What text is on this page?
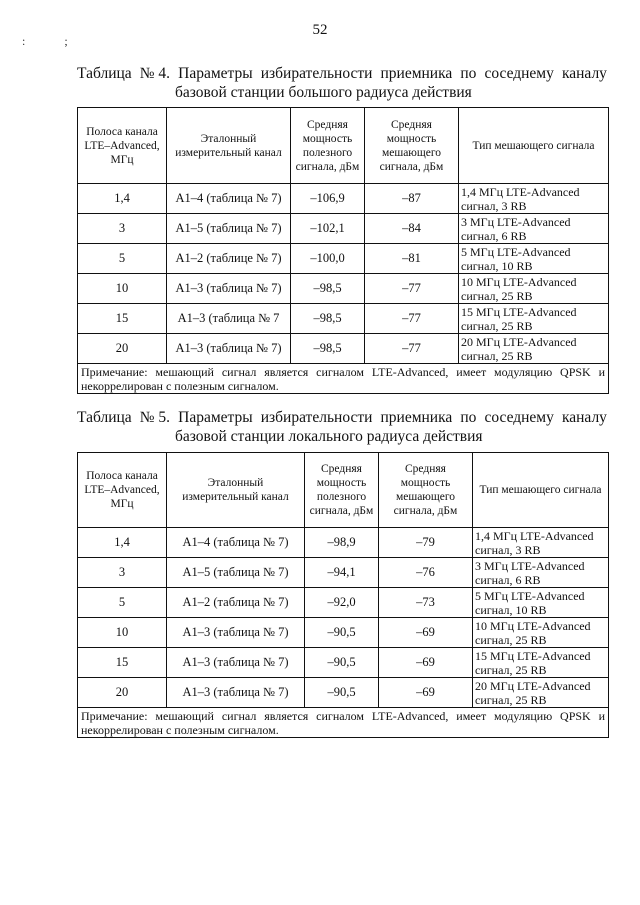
52
: ;
Таблица № 4. Параметры избирательности приемника по соседнему каналу
базовой станции большого радиуса действия
Полоса канала LTE–Advanced, МГц	Эталонный измерительный канал	Средняя мощность полезного сигнала, дБм	Средняя мощность мешающего сигнала, дБм	Тип мешающего сигнала
1,4	А1–4 (таблица № 7)	–106,9	–87	1,4 МГц LTE-Advanced сигнал, 3 RB
3	А1–5 (таблица № 7)	–102,1	–84	3 МГц LTE-Advanced сигнал, 6 RB
5	А1–2 (таблице № 7)	–100,0	–81	5 МГц LTE-Advanced сигнал, 10 RB
10	А1–3 (таблица № 7)	–98,5	–77	10 МГц LTE-Advanced сигнал, 25 RB
15	А1–3 (таблица № 7	–98,5	–77	15 МГц LTE-Advanced сигнал, 25 RB
20	А1–3 (таблица № 7)	–98,5	–77	20 МГц LTE-Advanced сигнал, 25 RB
Примечание: мешающий сигнал является сигналом LTE-Advanced, имеет модуляцию QPSK и некоррелирован с полезным сигналом.				
Таблица № 5. Параметры избирательности приемника по соседнему каналу
базовой станции локального радиуса действия
Полоса канала LTE–Advanced, МГц	Эталонный измерительный канал	Средняя мощность полезного сигнала, дБм	Средняя мощность мешающего сигнала, дБм	Тип мешающего сигнала
1,4	А1–4 (таблица № 7)	–98,9	–79	1,4 МГц LTE-Advanced сигнал, 3 RB
3	А1–5 (таблица № 7)	–94,1	–76	3 МГц LTE-Advanced сигнал, 6 RB
5	А1–2 (таблица № 7)	–92,0	–73	5 МГц LTE-Advanced сигнал, 10 RB
10	А1–3 (таблица № 7)	–90,5	–69	10 МГц LTE-Advanced сигнал, 25 RB
15	А1–3 (таблица № 7)	–90,5	–69	15 МГц LTE-Advanced сигнал, 25 RB
20	А1–3 (таблица № 7)	–90,5	–69	20 МГц LTE-Advanced сигнал, 25 RB
Примечание: мешающий сигнал является сигналом LTE-Advanced, имеет модуляцию QPSK и некоррелирован с полезным сигналом.				
